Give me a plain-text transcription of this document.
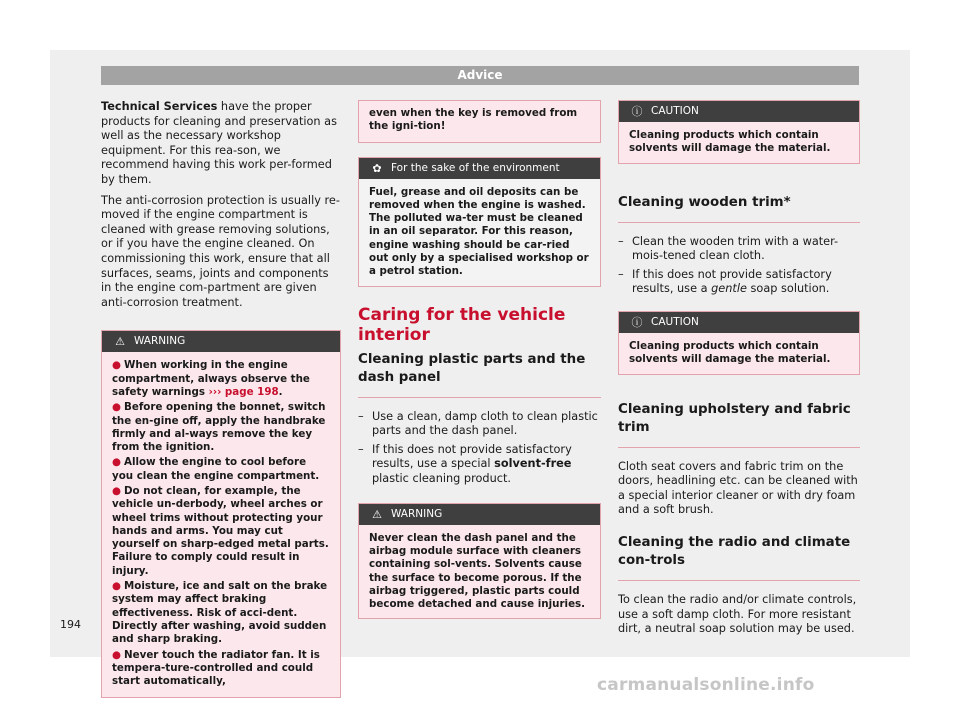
Advice

Technical Services have the proper products for cleaning and preservation as well as the necessary workshop equipment. For this rea-son, we recommend having this work per-formed by them.

The anti-corrosion protection is usually re-moved if the engine compartment is cleaned with grease removing solutions, or if you have the engine cleaned. On commissioning this work, ensure that all surfaces, seams, joints and components in the engine com-partment are given anti-corrosion treatment.

⚠ WARNING
● When working in the engine compartment, always observe the safety warnings ››› page 198.
● Before opening the bonnet, switch the en-gine off, apply the handbrake firmly and al-ways remove the key from the ignition.
● Allow the engine to cool before you clean the engine compartment.
● Do not clean, for example, the vehicle un-derbody, wheel arches or wheel trims without protecting your hands and arms. You may cut yourself on sharp-edged metal parts. Failure to comply could result in injury.
● Moisture, ice and salt on the brake system may affect braking effectiveness. Risk of acci-dent. Directly after washing, avoid sudden and sharp braking.
● Never touch the radiator fan. It is tempera-ture-controlled and could start automatically,
even when the key is removed from the igni-tion!
✿ For the sake of the environment
Fuel, grease and oil deposits can be removed when the engine is washed. The polluted wa-ter must be cleaned in an oil separator. For this reason, engine washing should be car-ried out only by a specialised workshop or a petrol station.
Caring for the vehicle interior
Cleaning plastic parts and the dash panel
– Use a clean, damp cloth to clean plastic parts and the dash panel.
– If this does not provide satisfactory results, use a special solvent-free plastic cleaning product.
⚠ WARNING
Never clean the dash panel and the airbag module surface with cleaners containing sol-vents. Solvents cause the surface to become porous. If the airbag triggered, plastic parts could become detached and cause injuries.
ⓘ CAUTION
Cleaning products which contain solvents will damage the material.
Cleaning wooden trim*
– Clean the wooden trim with a water-mois-tened clean cloth.
– If this does not provide satisfactory results, use a gentle soap solution.
ⓘ CAUTION
Cleaning products which contain solvents will damage the material.
Cleaning upholstery and fabric trim

Cloth seat covers and fabric trim on the doors, headlining etc. can be cleaned with a special interior cleaner or with dry foam and a soft brush.

Cleaning the radio and climate con-trols

To clean the radio and/or climate controls, use a soft damp cloth. For more resistant dirt, a neutral soap solution may be used.

194
carmanualsonline.info
